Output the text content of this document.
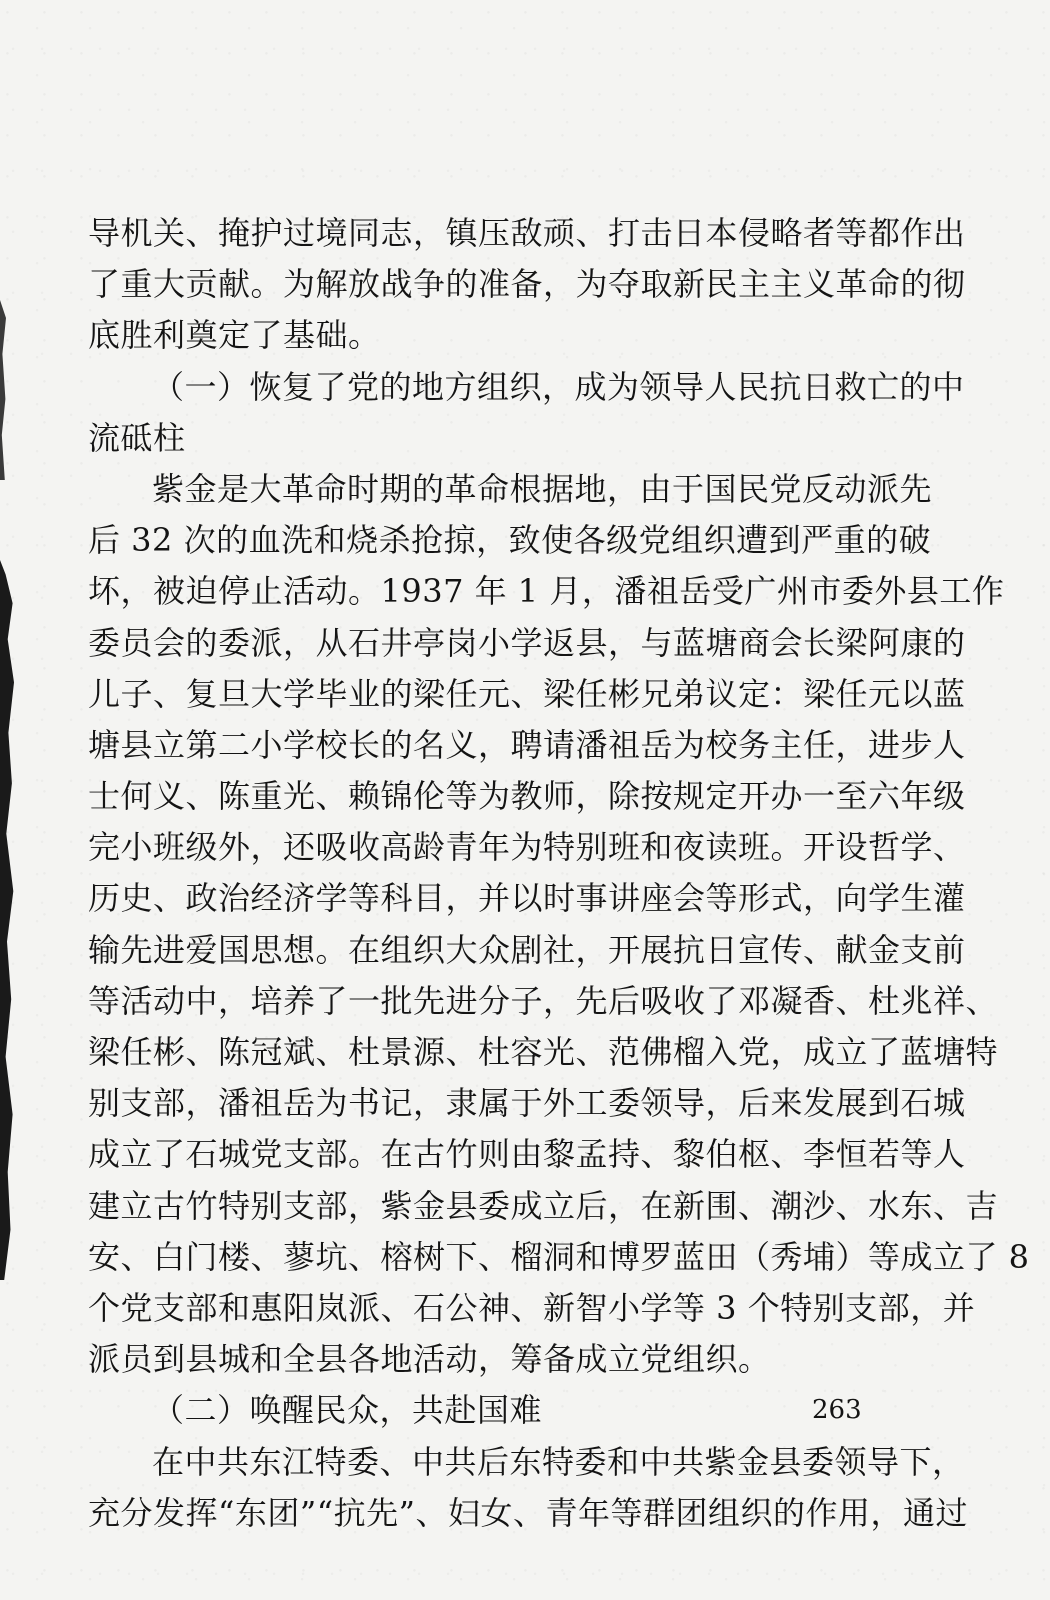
导机关、掩护过境同志，镇压敌顽、打击日本侵略者等都作出
了重大贡献。为解放战争的准备，为夺取新民主主义革命的彻
底胜利奠定了基础。
（一）恢复了党的地方组织，成为领导人民抗日救亡的中
流砥柱
紫金是大革命时期的革命根据地，由于国民党反动派先
后 32 次的血洗和烧杀抢掠，致使各级党组织遭到严重的破
坏，被迫停止活动。1937 年 1 月，潘祖岳受广州市委外县工作
委员会的委派，从石井亭岗小学返县，与蓝塘商会长梁阿康的
儿子、复旦大学毕业的梁任元、梁任彬兄弟议定：梁任元以蓝
塘县立第二小学校长的名义，聘请潘祖岳为校务主任，进步人
士何义、陈重光、赖锦伦等为教师，除按规定开办一至六年级
完小班级外，还吸收高龄青年为特别班和夜读班。开设哲学、
历史、政治经济学等科目，并以时事讲座会等形式，向学生灌
输先进爱国思想。在组织大众剧社，开展抗日宣传、献金支前
等活动中，培养了一批先进分子，先后吸收了邓凝香、杜兆祥、
梁任彬、陈冠斌、杜景源、杜容光、范佛榴入党，成立了蓝塘特
别支部，潘祖岳为书记，隶属于外工委领导，后来发展到石城
成立了石城党支部。在古竹则由黎孟持、黎伯枢、李恒若等人
建立古竹特别支部，紫金县委成立后，在新围、潮沙、水东、吉
安、白门楼、蓼坑、榕树下、榴洞和博罗蓝田（秀埔）等成立了 8
个党支部和惠阳岚派、石公神、新智小学等 3 个特别支部，并
派员到县城和全县各地活动，筹备成立党组织。
（二）唤醒民众，共赴国难
在中共东江特委、中共后东特委和中共紫金县委领导下，
充分发挥“东团”“抗先”、妇女、青年等群团组织的作用，通过
263
